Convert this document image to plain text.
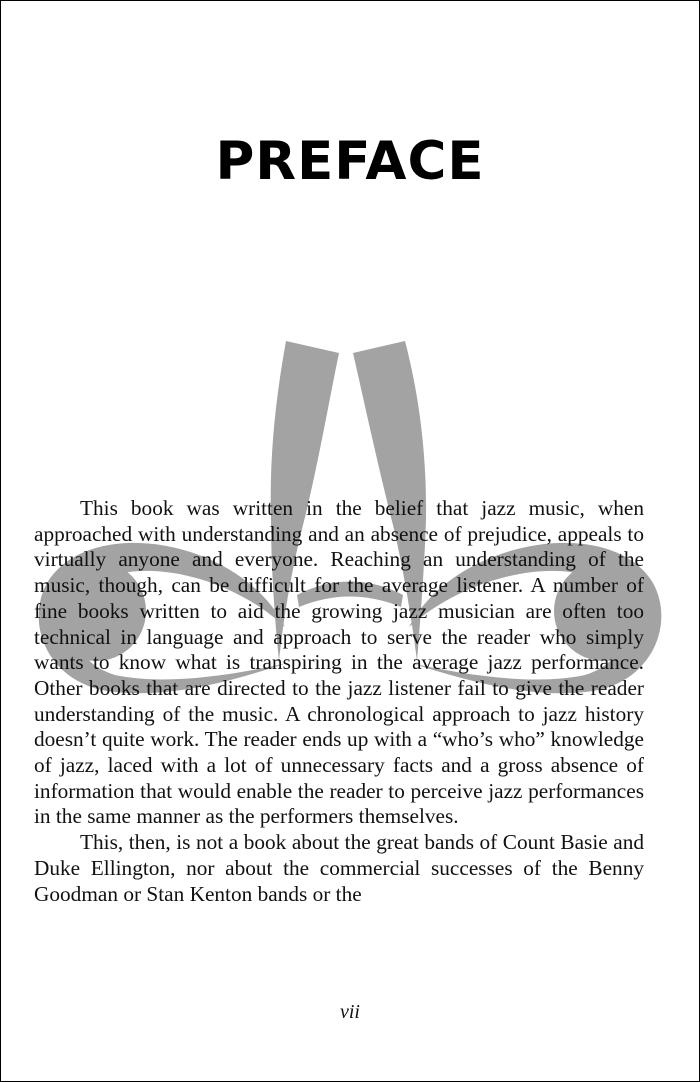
PREFACE

This book was written in the belief that jazz music, when approached with understanding and an absence of prejudice, appeals to virtually anyone and everyone. Reaching an understanding of the music, though, can be difficult for the average listener. A number of fine books written to aid the growing jazz musician are often too technical in language and approach to serve the reader who simply wants to know what is transpiring in the average jazz performance. Other books that are directed to the jazz listener fail to give the reader understanding of the music. A chronological approach to jazz history doesn’t quite work. The reader ends up with a “who’s who” knowledge of jazz, laced with a lot of unnecessary facts and a gross absence of information that would enable the reader to perceive jazz performances in the same manner as the performers themselves.

This, then, is not a book about the great bands of Count Basie and Duke Ellington, nor about the commercial successes of the Benny Goodman or Stan Kenton bands or the

vii
